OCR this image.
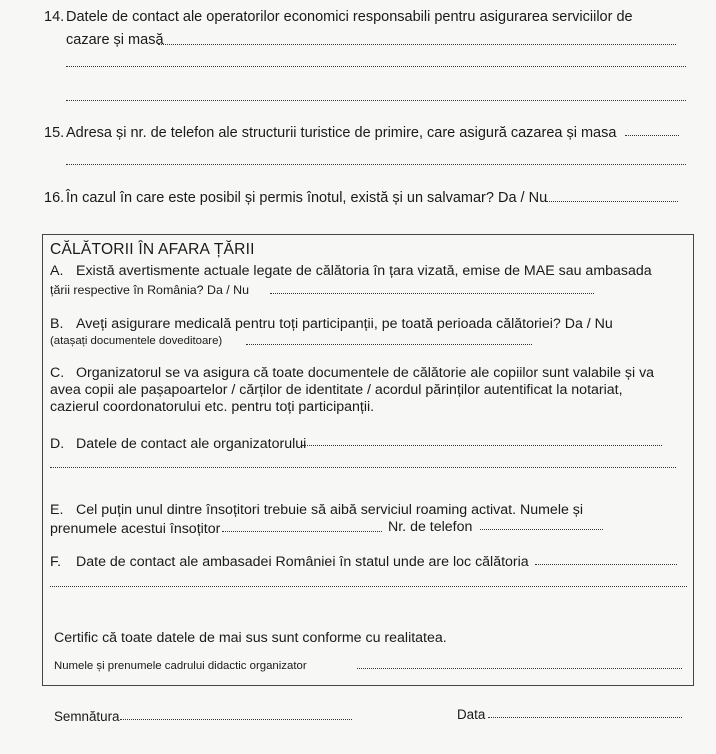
14. Datele de contact ale operatorilor economici responsabili pentru asigurarea serviciilor de
cazare și masă
15. Adresa și nr. de telefon ale structurii turistice de primire, care asigură cazarea și masa
16. În cazul în care este posibil și permis înotul, există și un salvamar? Da / Nu
CĂLĂTORII ÎN AFARA ȚĂRII
A. Există avertismente actuale legate de călătoria în țara vizată, emise de MAE sau ambasada
țării respective în România? Da / Nu
B. Aveți asigurare medicală pentru toți participanții, pe toată perioada călătoriei? Da / Nu
(atașați documentele doveditoare)
C. Organizatorul se va asigura că toate documentele de călătorie ale copiilor sunt valabile și va
avea copii ale pașapoartelor / cărților de identitate / acordul părinților autentificat la notariat,
cazierul coordonatorului etc. pentru toți participanții.
D. Datele de contact ale organizatorului
E. Cel puțin unul dintre însoțitori trebuie să aibă serviciul roaming activat. Numele și
prenumele acestui însoțitor	Nr. de telefon
F. Date de contact ale ambasadei României în statul unde are loc călătoria
Certific că toate datele de mai sus sunt conforme cu realitatea.
Numele și prenumele cadrului didactic organizator
Semnătura	Data
